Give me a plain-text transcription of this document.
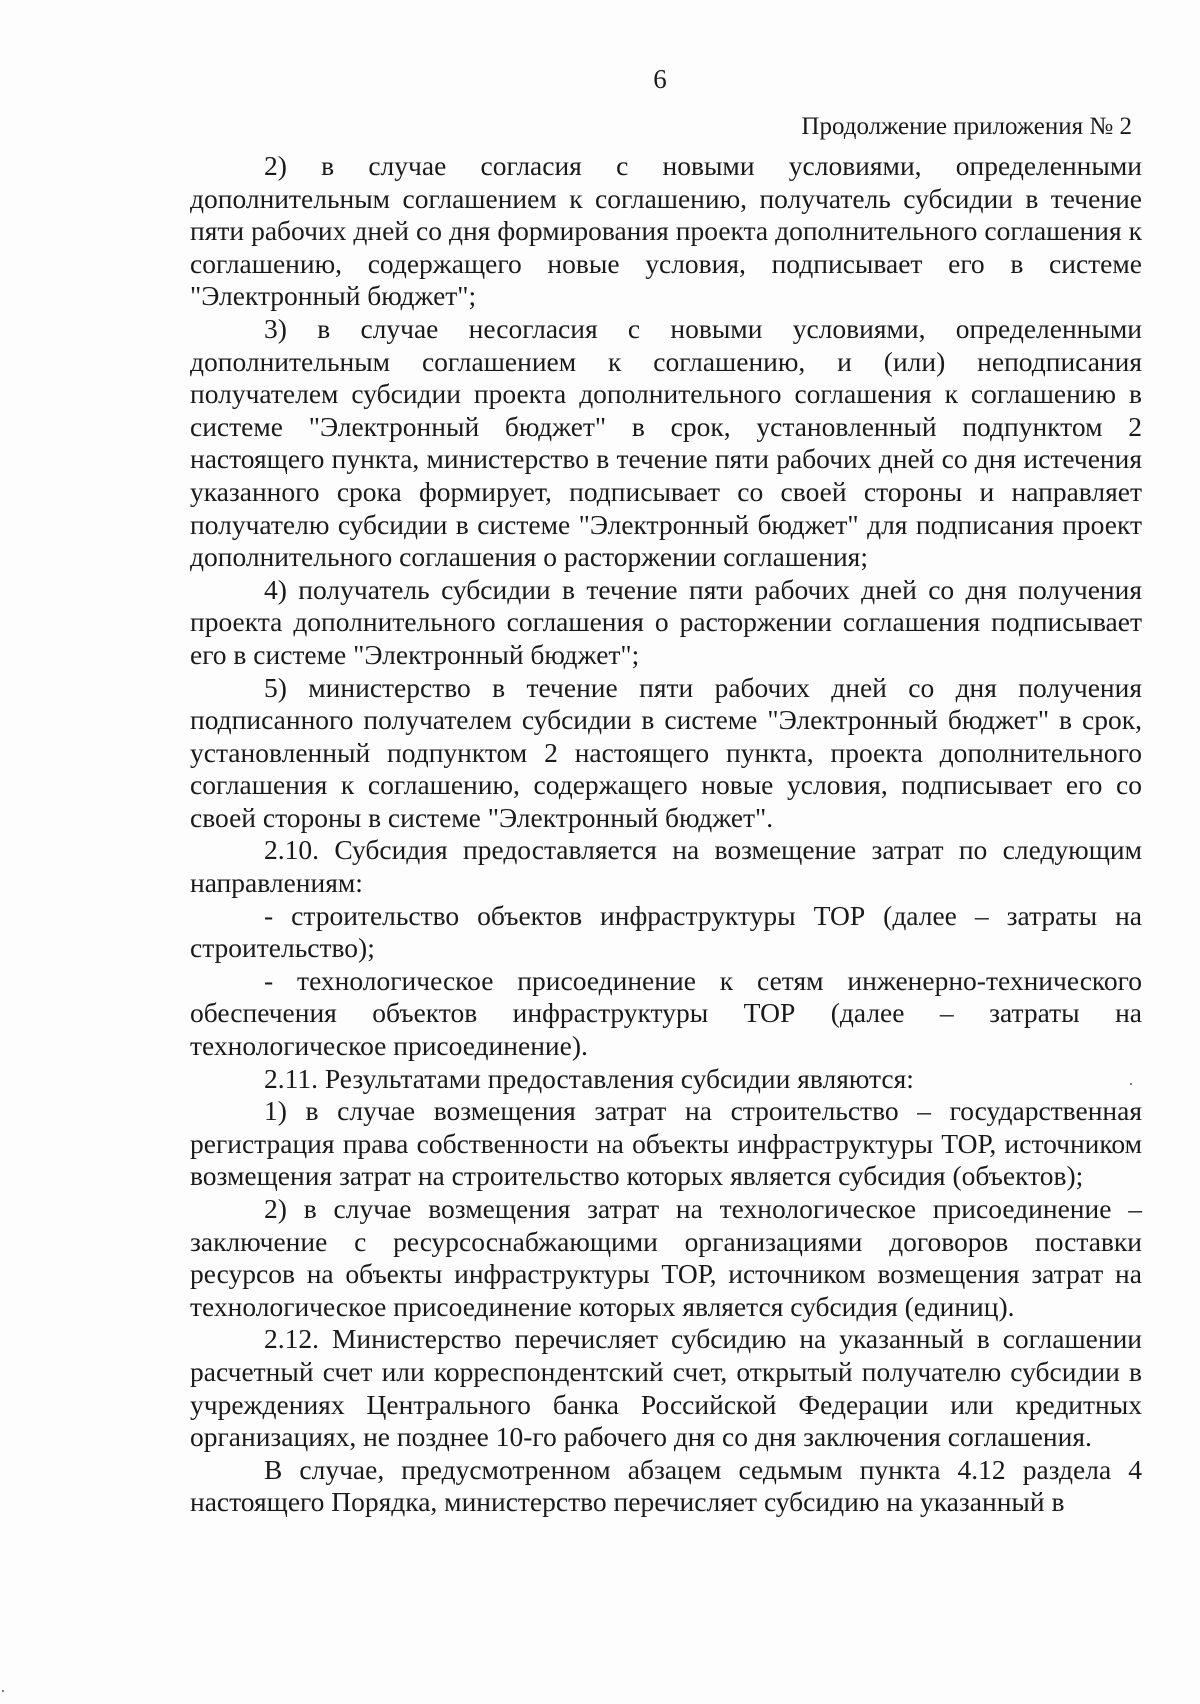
6
Продолжение приложения № 2

2) в случае согласия с новыми условиями, определенными дополнительным соглашением к соглашению, получатель субсидии в течение пяти рабочих дней со дня формирования проекта дополнительного соглашения к соглашению, содержащего новые условия, подписывает его в системе "Электронный бюджет";

3) в случае несогласия с новыми условиями, определенными дополнительным соглашением к соглашению, и (или) неподписания получателем субсидии проекта дополнительного соглашения к соглашению в системе "Электронный бюджет" в срок, установленный подпунктом 2 настоящего пункта, министерство в течение пяти рабочих дней со дня истечения указанного срока формирует, подписывает со своей стороны и направляет получателю субсидии в системе "Электронный бюджет" для подписания проект дополнительного соглашения о расторжении соглашения;

4) получатель субсидии в течение пяти рабочих дней со дня получения проекта дополнительного соглашения о расторжении соглашения подписывает его в системе "Электронный бюджет";

5) министерство в течение пяти рабочих дней со дня получения подписанного получателем субсидии в системе "Электронный бюджет" в срок, установленный подпунктом 2 настоящего пункта, проекта дополнительного соглашения к соглашению, содержащего новые условия, подписывает его со своей стороны в системе "Электронный бюджет".

2.10. Субсидия предоставляется на возмещение затрат по следующим направлениям:

- строительство объектов инфраструктуры ТОР (далее – затраты на строительство);

- технологическое присоединение к сетям инженерно-технического обеспечения объектов инфраструктуры ТОР (далее – затраты на технологическое присоединение).

2.11. Результатами предоставления субсидии являются:

1) в случае возмещения затрат на строительство – государственная регистрация права собственности на объекты инфраструктуры ТОР, источником возмещения затрат на строительство которых является субсидия (объектов);

2) в случае возмещения затрат на технологическое присоединение – заключение с ресурсоснабжающими организациями договоров поставки ресурсов на объекты инфраструктуры ТОР, источником возмещения затрат на технологическое присоединение которых является субсидия (единиц).

2.12. Министерство перечисляет субсидию на указанный в соглашении расчетный счет или корреспондентский счет, открытый получателю субсидии в учреждениях Центрального банка Российской Федерации или кредитных организациях, не позднее 10-го рабочего дня со дня заключения соглашения.

В случае, предусмотренном абзацем седьмым пункта 4.12 раздела 4 настоящего Порядка, министерство перечисляет субсидию на указанный в
